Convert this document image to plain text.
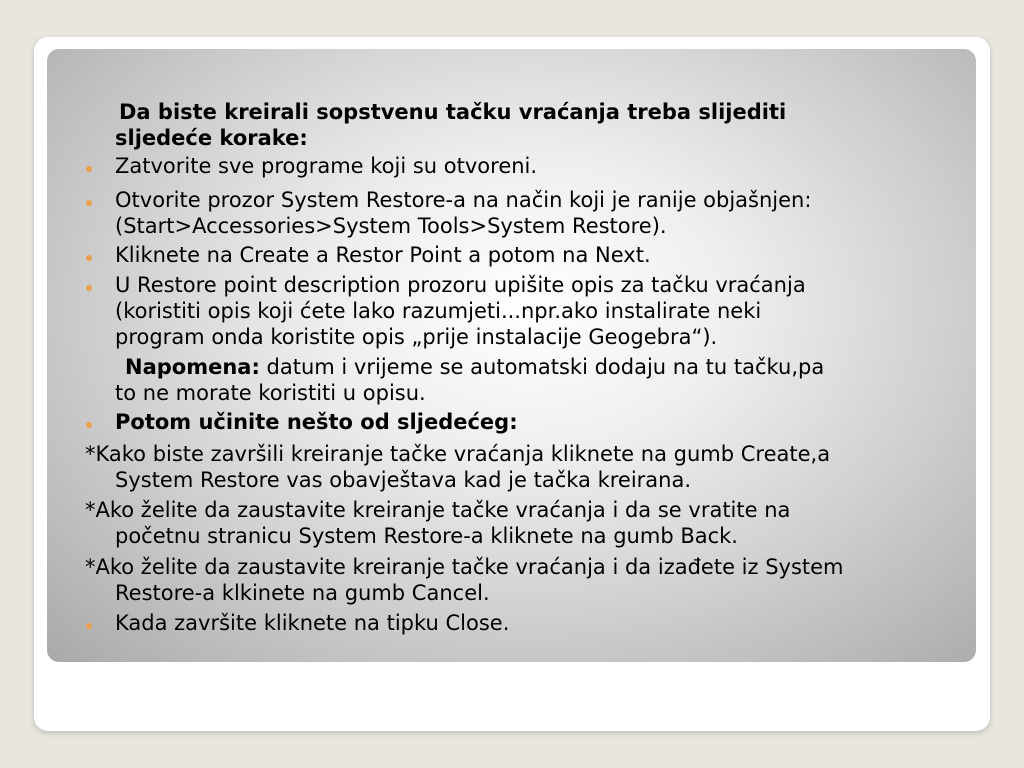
Da biste kreirali sopstvenu tačku vraćanja treba slijediti

sljedeće korake:

Zatvorite sve programe koji su otvoreni.

Otvorite prozor System Restore-a na način koji je ranije objašnjen:

(Start>Accessories>System Tools>System Restore).

Kliknete na Create a Restor Point a potom na Next.

U Restore point description prozoru upišite opis za tačku vraćanja

(koristiti opis koji ćete lako razumjeti...npr.ako instalirate neki

program onda koristite opis „prije instalacije Geogebra“).

Napomena: datum i vrijeme se automatski dodaju na tu tačku,pa

to ne morate koristiti u opisu.

Potom učinite nešto od sljedećeg:

*Kako biste završili kreiranje tačke vraćanja kliknete na gumb Create,a

System Restore vas obavještava kad je tačka kreirana.

*Ako želite da zaustavite kreiranje tačke vraćanja i da se vratite na

početnu stranicu System Restore-a kliknete na gumb Back.

*Ako želite da zaustavite kreiranje tačke vraćanja i da izađete iz System

Restore-a klkinete na gumb Cancel.

Kada završite kliknete na tipku Close.
